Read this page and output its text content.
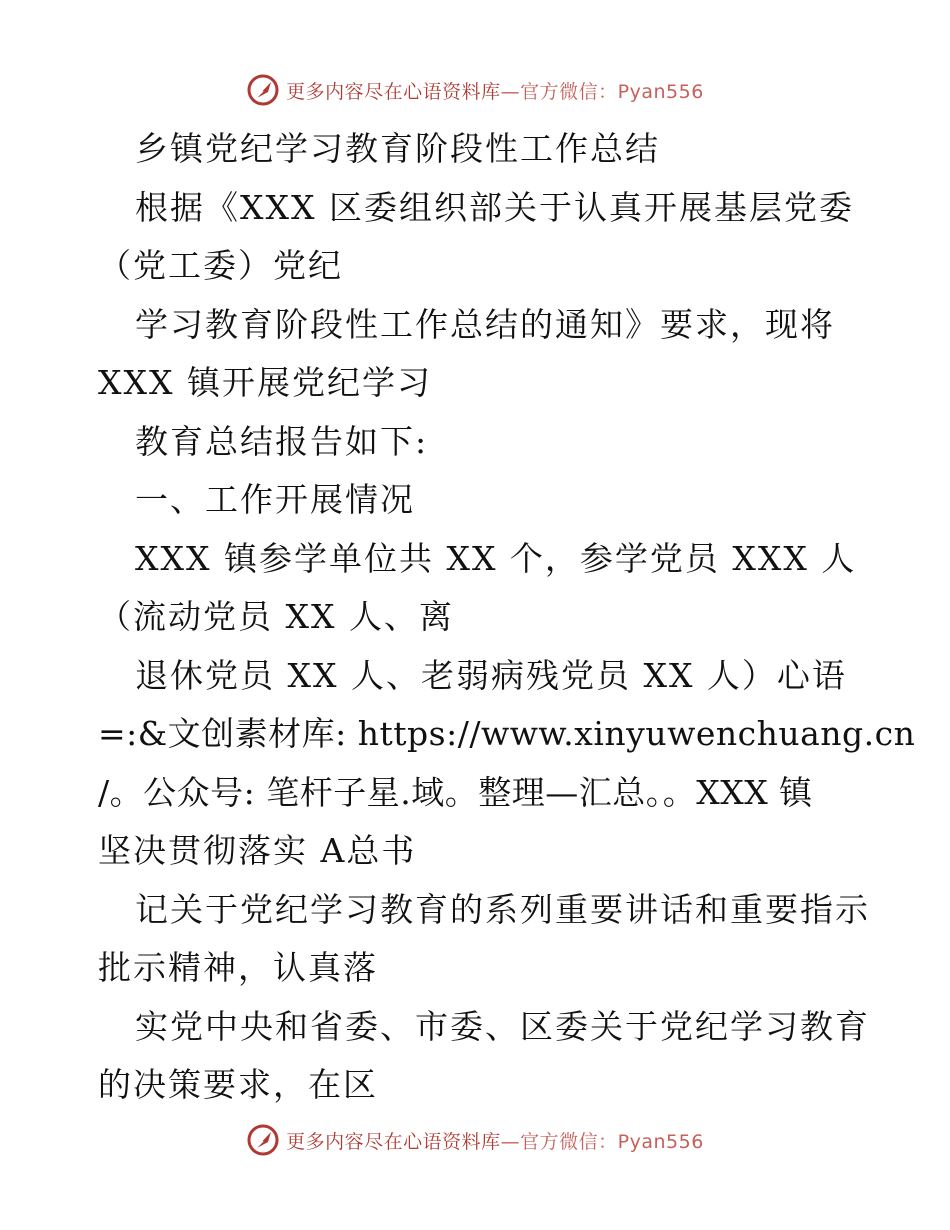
更多内容尽在心语资料库—官方微信：Pyan556
乡镇党纪学习教育阶段性工作总结
根据《XXX 区委组织部关于认真开展基层党委
（党工委）党纪
学习教育阶段性工作总结的通知》要求，现将
XXX 镇开展党纪学习
教育总结报告如下:
一、工作开展情况
XXX 镇参学单位共 XX 个，参学党员 XXX 人
（流动党员 XX 人、离
退休党员 XX 人、老弱病残党员 XX 人）心语
=:&文创素材库: https://www.xinyuwenchuang.cn
/。公众号: 笔杆子星.域。整理—汇总。。XXX 镇
坚决贯彻落实 A总书
记关于党纪学习教育的系列重要讲话和重要指示
批示精神，认真落
实党中央和省委、市委、区委关于党纪学习教育
的决策要求，在区
更多内容尽在心语资料库—官方微信：Pyan556
